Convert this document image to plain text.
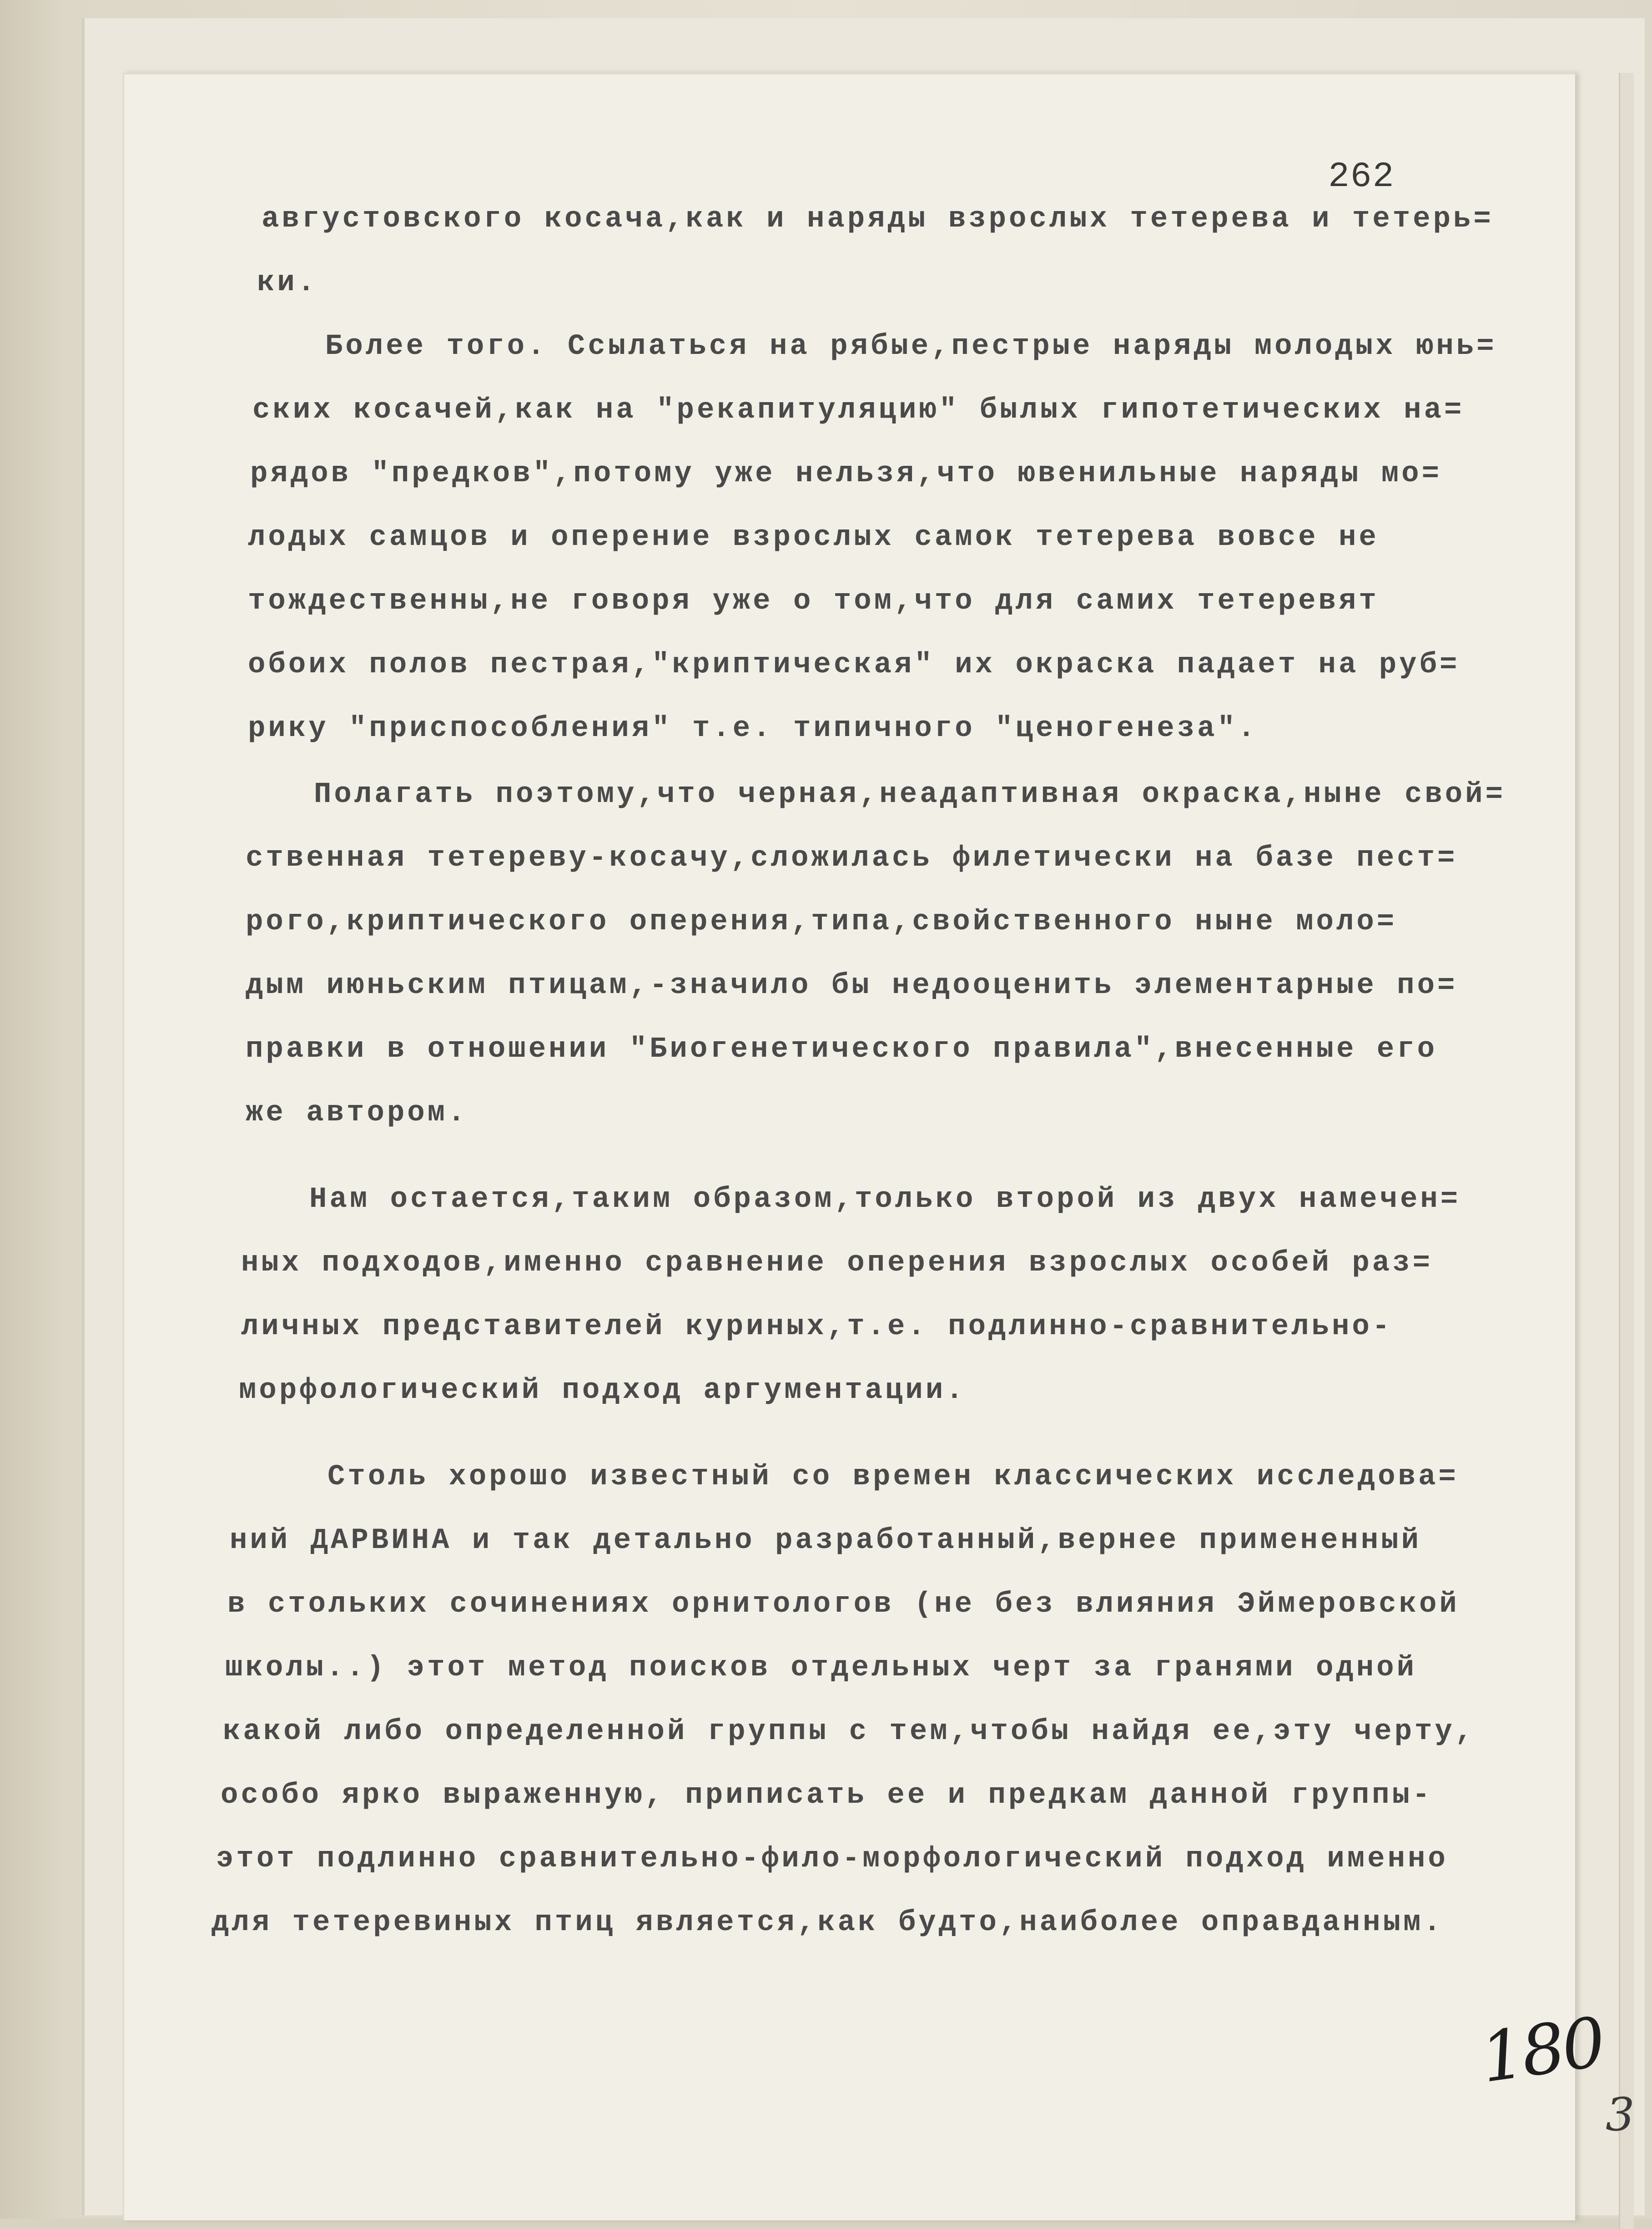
262
августовского косача,как и наряды взрослых тетерева и тетерь=
ки.
Более того. Ссылаться на рябые,пестрые наряды молодых юнь=
ских косачей,как на "рекапитуляцию" былых гипотетических на=
рядов "предков",потому уже нельзя,что ювенильные наряды мо=
лодых самцов и оперение взрослых самок тетерева вовсе не
тождественны,не говоря уже о том,что для самих тетеревят
обоих полов пестрая,"криптическая" их окраска падает на руб=
рику "приспособления" т.е. типичного "ценогенеза".
Полагать поэтому,что черная,неадаптивная окраска,ныне свой=
ственная тетереву-косачу,сложилась филетически на базе пест=
рого,криптического оперения,типа,свойственного ныне моло=
дым июньским птицам,-значило бы недооценить элементарные по=
правки в отношении "Биогенетического правила",внесенные его
же автором.
Нам остается,таким образом,только второй из двух намечен=
ных подходов,именно сравнение оперения взрослых особей раз=
личных представителей куриных,т.е. подлинно-сравнительно-
морфологический подход аргументации.
Столь хорошо известный со времен классических исследова=
ний ДАРВИНА и так детально разработанный,вернее примененный
в стольких сочинениях орнитологов (не без влияния Эймеровской
школы..) этот метод поисков отдельных черт за гранями одной
какой либо определенной группы с тем,чтобы найдя ее,эту черту,
особо ярко выраженную, приписать ее и предкам данной группы-
этот подлинно сравнительно-фило-морфологический подход именно
для тетеревиных птиц является,как будто,наиболее оправданным.
180
3
